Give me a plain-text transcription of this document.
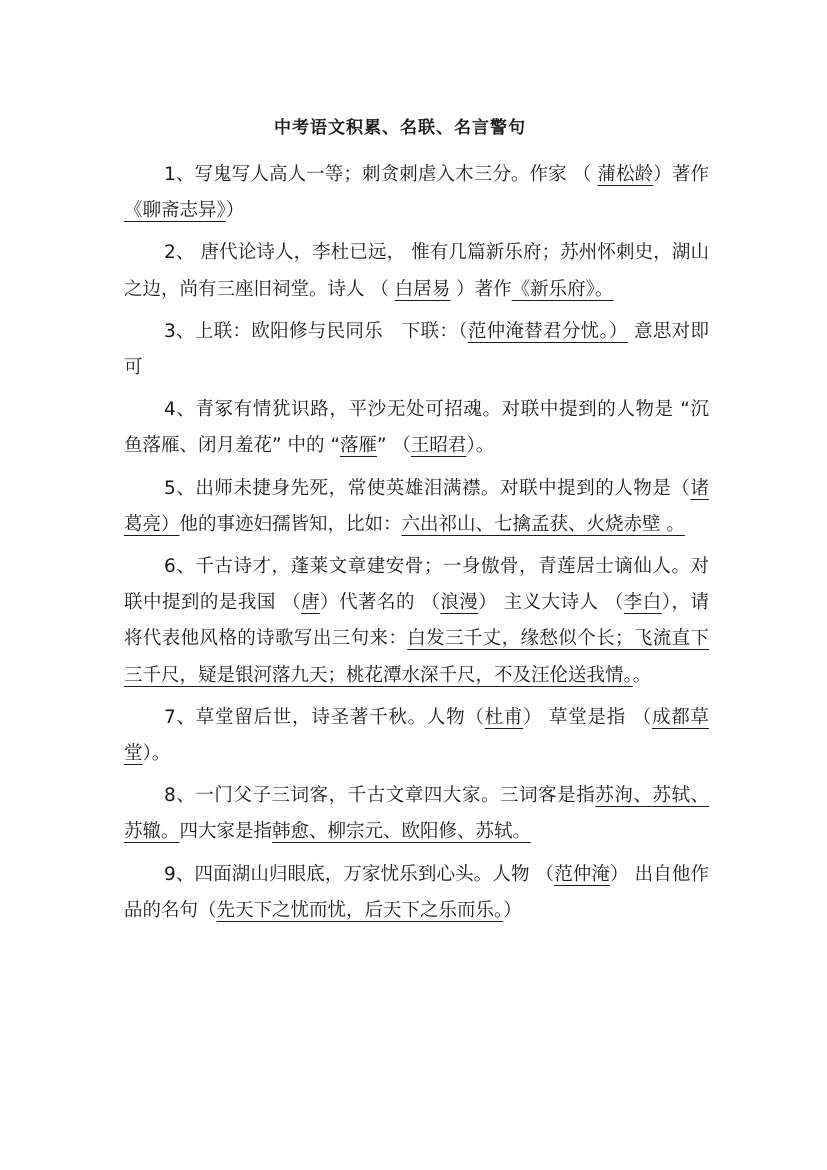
中考语文积累、名联、名言警句

1、写鬼写人高人一等；刺贪刺虐入木三分。作家 （ 蒲松龄）著作《聊斋志异》）

2、 唐代论诗人，李杜已远， 惟有几篇新乐府；苏州怀刺史，湖山之边，尚有三座旧祠堂。诗人 （ 白居易 ）著作《新乐府》。

3、上联：欧阳修与民同乐　下联：（范仲淹替君分忧。） 意思对即可

4、青冢有情犹识路，平沙无处可招魂。对联中提到的人物是 “沉鱼落雁、闭月羞花” 中的 “落雁” （王昭君）。

5、出师未捷身先死，常使英雄泪满襟。对联中提到的人物是（诸葛亮）他的事迹妇孺皆知，比如：六出祁山、七擒孟获、火烧赤壁 。

6、千古诗才，蓬莱文章建安骨；一身傲骨，青莲居士谪仙人。对联中提到的是我国 （唐）代著名的 （浪漫） 主义大诗人 （李白），请将代表他风格的诗歌写出三句来：白发三千丈，缘愁似个长；飞流直下三千尺，疑是银河落九天；桃花潭水深千尺，不及汪伦送我情。。

7、草堂留后世，诗圣著千秋。人物（杜甫） 草堂是指 （成都草堂）。

8、一门父子三词客，千古文章四大家。三词客是指苏洵、苏轼、苏辙。四大家是指韩愈、柳宗元、欧阳修、苏轼。

9、四面湖山归眼底，万家忧乐到心头。人物 （范仲淹） 出自他作品的名句（先天下之忧而忧，后天下之乐而乐。）
